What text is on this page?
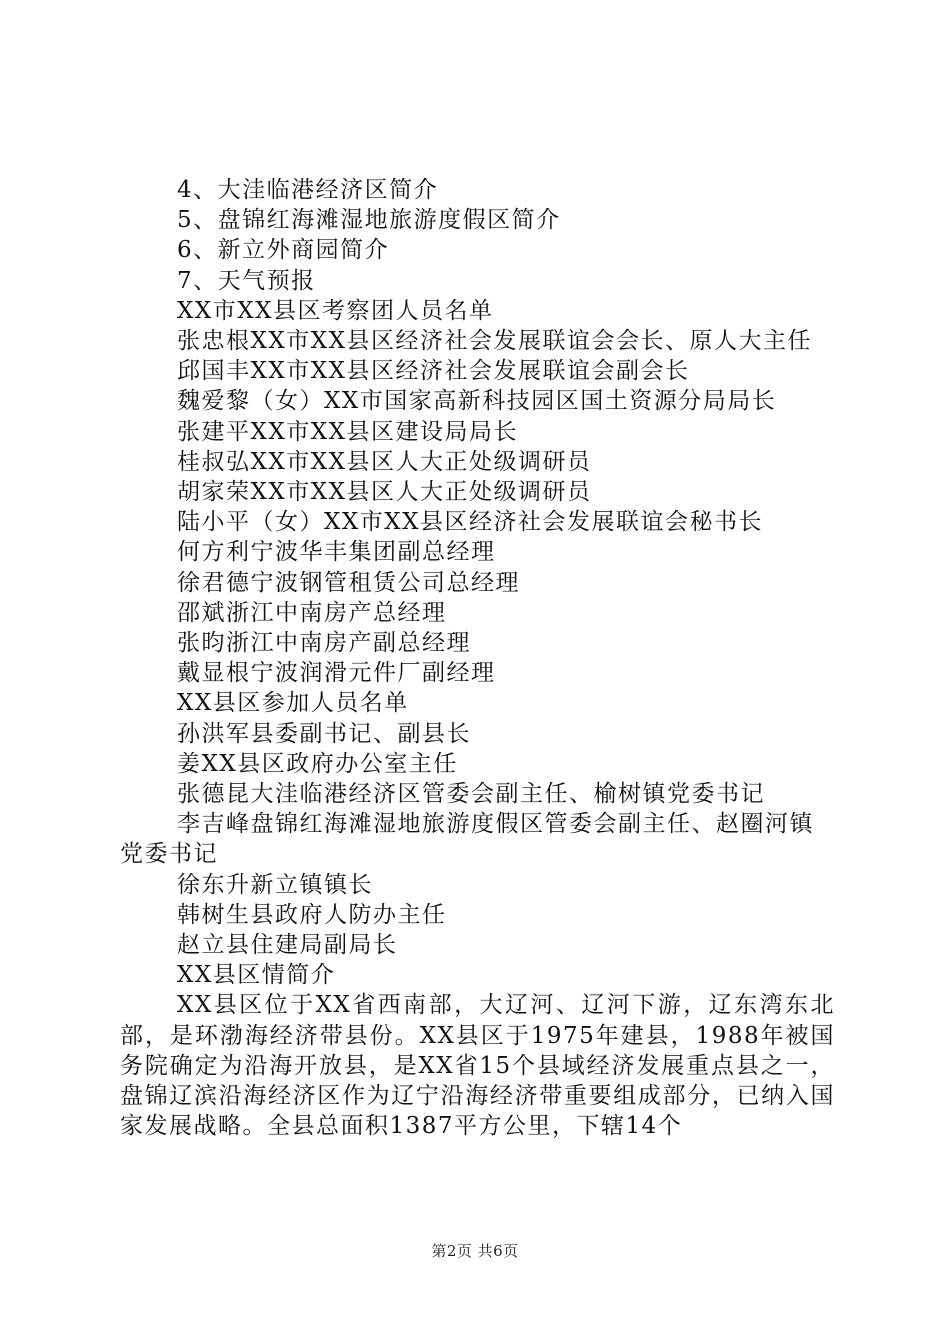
4、大洼临港经济区简介

5、盘锦红海滩湿地旅游度假区简介

6、新立外商园简介

7、天气预报

XX市XX县区考察团人员名单

张忠根XX市XX县区经济社会发展联谊会会长、原人大主任

邱国丰XX市XX县区经济社会发展联谊会副会长

魏爱黎（女）XX市国家高新科技园区国土资源分局局长

张建平XX市XX县区建设局局长

桂叔弘XX市XX县区人大正处级调研员

胡家荣XX市XX县区人大正处级调研员

陆小平（女）XX市XX县区经济社会发展联谊会秘书长

何方利宁波华丰集团副总经理

徐君德宁波钢管租赁公司总经理

邵斌浙江中南房产总经理

张昀浙江中南房产副总经理

戴显根宁波润滑元件厂副经理

XX县区参加人员名单

孙洪军县委副书记、副县长

姜XX县区政府办公室主任

张德昆大洼临港经济区管委会副主任、榆树镇党委书记

李吉峰盘锦红海滩湿地旅游度假区管委会副主任、赵圈河镇党委书记

徐东升新立镇镇长

韩树生县政府人防办主任

赵立县住建局副局长

XX县区情简介

XX县区位于XX省西南部，大辽河、辽河下游，辽东湾东北部，是环渤海经济带县份。XX县区于1975年建县，1988年被国务院确定为沿海开放县，是XX省15个县域经济发展重点县之一，盘锦辽滨沿海经济区作为辽宁沿海经济带重要组成部分，已纳入国家发展战略。全县总面积1387平方公里，下辖14个

第2页 共6页
